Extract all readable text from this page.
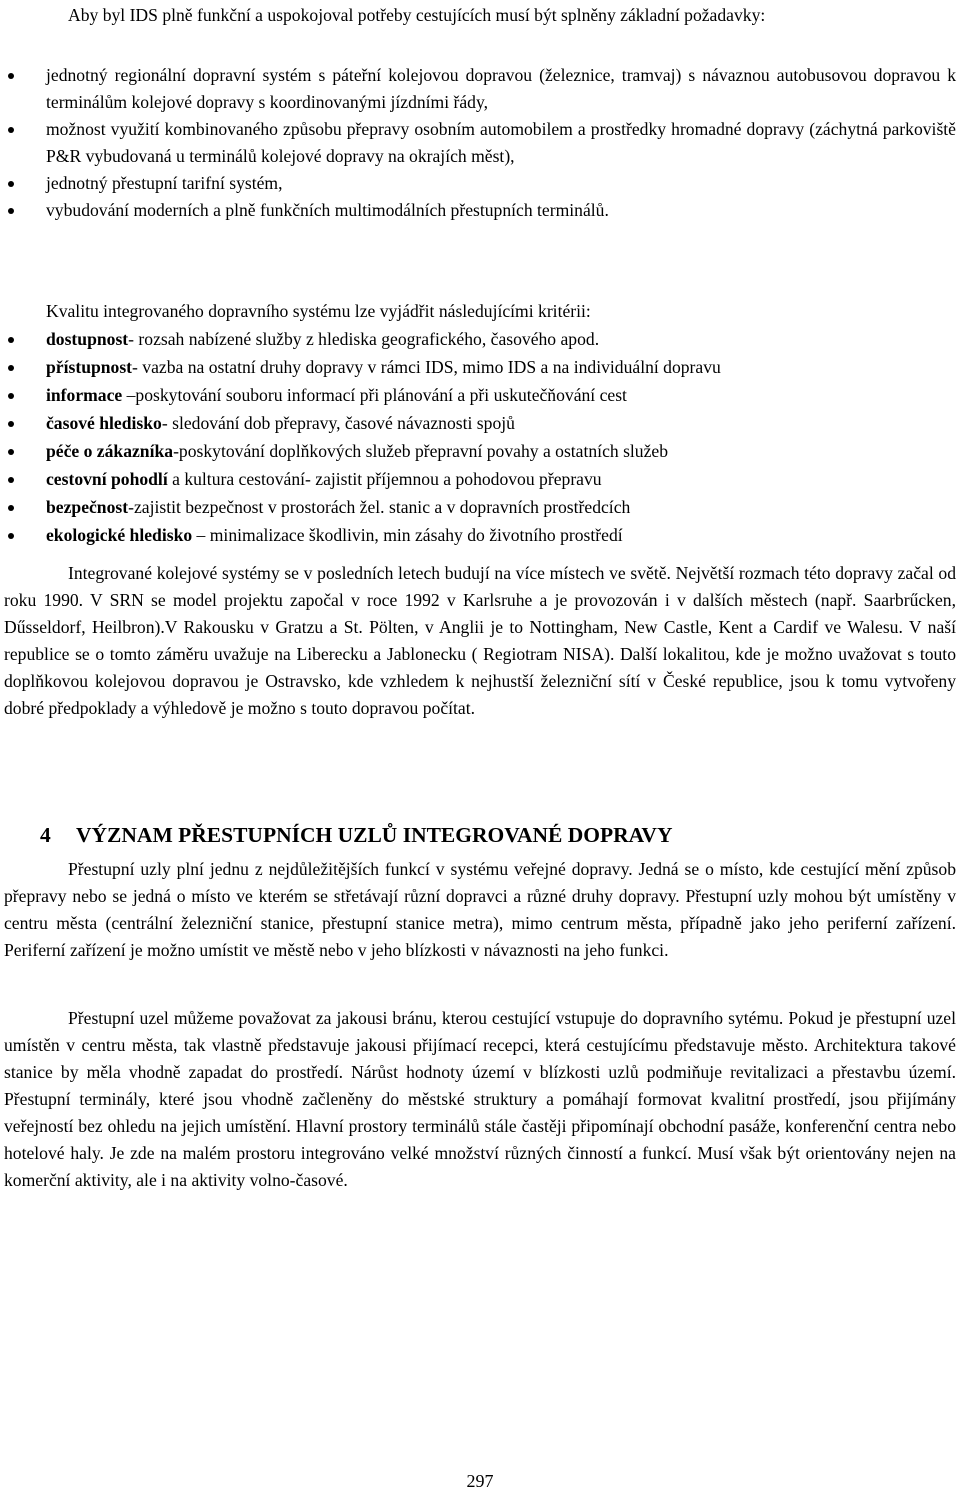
Aby byl IDS plně funkční a uspokojoval potřeby cestujících musí být splněny základní požadavky:
jednotný regionální dopravní systém s páteřní kolejovou dopravou (železnice, tramvaj) s návaznou autobusovou dopravou k terminálům kolejové dopravy s koordinovanými jízdními řády,
možnost využití kombinovaného způsobu přepravy osobním automobilem a prostředky hromadné dopravy (záchytná parkoviště P&R vybudovaná u terminálů kolejové dopravy na okrajích měst),
jednotný přestupní tarifní systém,
vybudování moderních a plně funkčních multimodálních přestupních terminálů.
Kvalitu integrovaného dopravního systému lze vyjádřit následujícími kritérii:
dostupnost- rozsah nabízené služby z hlediska geografického, časového apod.
přístupnost- vazba na ostatní druhy dopravy v rámci IDS, mimo IDS a na individuální dopravu
informace –poskytování souboru informací při plánování a při uskutečňování cest
časové hledisko- sledování dob přepravy, časové návaznosti spojů
péče o zákazníka-poskytování doplňkových služeb přepravní povahy a ostatních služeb
cestovní pohodlí a kultura cestování- zajistit příjemnou a pohodovou přepravu
bezpečnost-zajistit bezpečnost v prostorách žel. stanic a v dopravních prostředcích
ekologické hledisko – minimalizace škodlivin, min zásahy do životního prostředí
Integrované kolejové systémy se v posledních letech budují na více místech ve světě. Největší rozmach této dopravy začal od roku 1990. V SRN se model projektu započal v roce 1992 v Karlsruhe a je provozován i v dalších městech (např. Saarbrűcken, Dűsseldorf, Heilbron).V Rakousku v Gratzu a St. Pölten, v Anglii je to Nottingham, New Castle, Kent a Cardif ve Walesu. V naší republice se o tomto záměru uvažuje na Liberecku a Jablonecku ( Regiotram NISA). Další lokalitou, kde je možno uvažovat s touto doplňkovou kolejovou dopravou je Ostravsko, kde vzhledem k nejhustší železniční sítí v České republice, jsou k tomu vytvořeny dobré předpoklady a výhledově je možno s touto dopravou počítat.
4 VÝZNAM PŘESTUPNÍCH UZLŮ INTEGROVANÉ DOPRAVY
Přestupní uzly plní jednu z nejdůležitějších funkcí v systému veřejné dopravy. Jedná se o místo, kde cestující mění způsob přepravy nebo se jedná o místo ve kterém se střetávají různí dopravci a různé druhy dopravy. Přestupní uzly mohou být umístěny v centru města (centrální železniční stanice, přestupní stanice metra), mimo centrum města, případně jako jeho periferní zařízení. Periferní zařízení je možno umístit ve městě nebo v jeho blízkosti v návaznosti na jeho funkci.
Přestupní uzel můžeme považovat za jakousi bránu, kterou cestující vstupuje do dopravního sytému. Pokud je přestupní uzel umístěn v centru města, tak vlastně představuje jakousi přijímací recepci, která cestujícímu představuje město. Architektura takové stanice by měla vhodně zapadat do prostředí. Nárůst hodnoty území v blízkosti uzlů podmiňuje revitalizaci a přestavbu území. Přestupní terminály, které jsou vhodně začleněny do městské struktury a pomáhají formovat kvalitní prostředí, jsou přijímány veřejností bez ohledu na jejich umístění. Hlavní prostory terminálů stále častěji připomínají obchodní pasáže, konferenční centra nebo hotelové haly. Je zde na malém prostoru integrováno velké množství různých činností a funkcí. Musí však být orientovány nejen na komerční aktivity, ale i na aktivity volno-časové.
297
